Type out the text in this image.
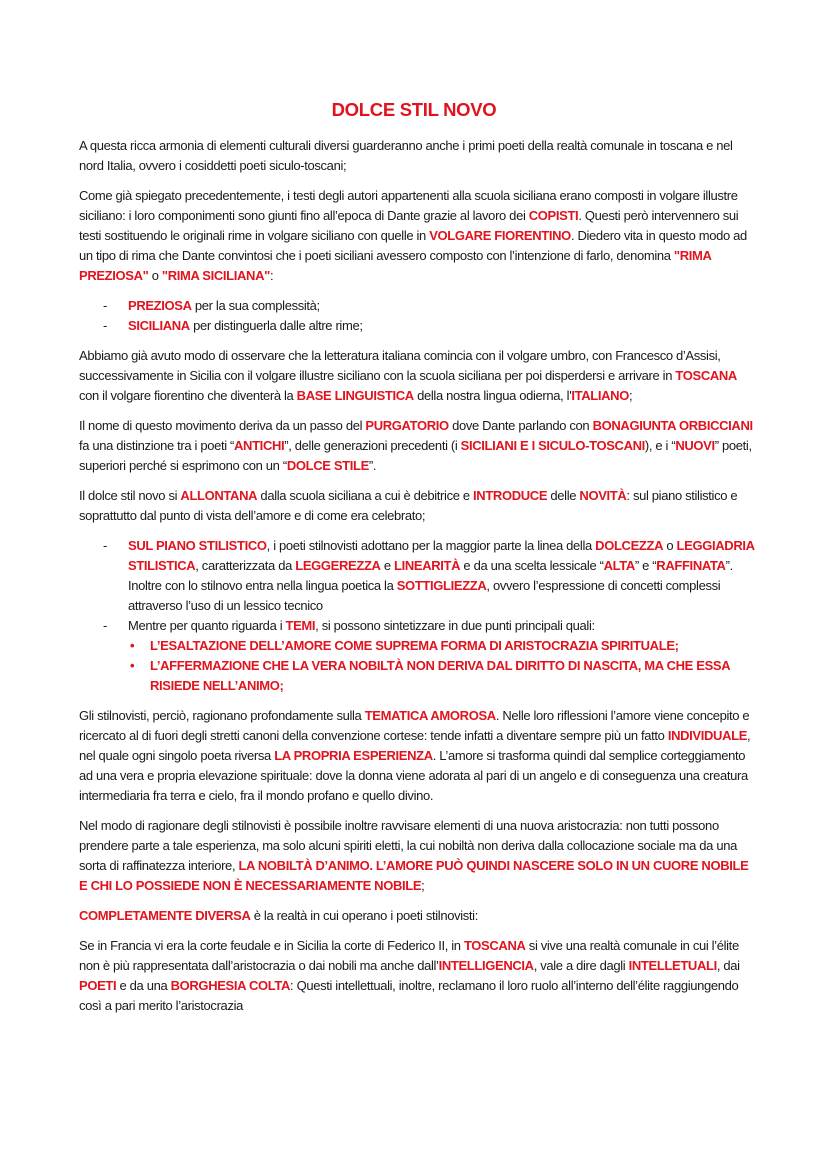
DOLCE STIL NOVO

A questa ricca armonia di elementi culturali diversi guarderanno anche i primi poeti della realtà comunale in toscana e nel nord Italia, ovvero i cosiddetti poeti siculo-toscani;

Come già spiegato precedentemente, i testi degli autori appartenenti alla scuola siciliana erano composti in volgare illustre siciliano: i loro componimenti sono giunti fino all’epoca di Dante grazie al lavoro dei COPISTI. Questi però intervennero sui testi sostituendo le originali rime in volgare siciliano con quelle in VOLGARE FIORENTINO. Diedero vita in questo modo ad un tipo di rima che Dante convintosi che i poeti siciliani avessero composto con l’intenzione di farlo, denomina "RIMA PREZIOSA" o "RIMA SICILIANA":

- PREZIOSA per la sua complessità;
- SICILIANA per distinguerla dalle altre rime;

Abbiamo già avuto modo di osservare che la letteratura italiana comincia con il volgare umbro, con Francesco d’Assisi, successivamente in Sicilia con il volgare illustre siciliano con la scuola siciliana per poi disperdersi e arrivare in TOSCANA con il volgare fiorentino che diventerà la BASE LINGUISTICA della nostra lingua odierna, l'ITALIANO;

Il nome di questo movimento deriva da un passo del PURGATORIO dove Dante parlando con BONAGIUNTA ORBICCIANI fa una distinzione tra i poeti “ANTICHI”, delle generazioni precedenti (i SICILIANI E I SICULO-TOSCANI), e i “NUOVI” poeti, superiori perché si esprimono con un “DOLCE STILE”.

Il dolce stil novo si ALLONTANA dalla scuola siciliana a cui è debitrice e INTRODUCE delle NOVITÀ: sul piano stilistico e soprattutto dal punto di vista dell’amore e di come era celebrato;

- SUL PIANO STILISTICO, i poeti stilnovisti adottano per la maggior parte la linea della DOLCEZZA o LEGGIADRIA STILISTICA, caratterizzata da LEGGEREZZA e LINEARITÀ e da una scelta lessicale “ALTA” e “RAFFINATA”. Inoltre con lo stilnovo entra nella lingua poetica la SOTTIGLIEZZA, ovvero l’espressione di concetti complessi attraverso l’uso di un lessico tecnico
- Mentre per quanto riguarda i TEMI, si possono sintetizzare in due punti principali quali:
• L’ESALTAZIONE DELL’AMORE COME SUPREMA FORMA DI ARISTOCRAZIA SPIRITUALE;
• L’AFFERMAZIONE CHE LA VERA NOBILTÀ NON DERIVA DAL DIRITTO DI NASCITA, MA CHE ESSA RISIEDE NELL’ANIMO;

Gli stilnovisti, perciò, ragionano profondamente sulla TEMATICA AMOROSA. Nelle loro riflessioni l’amore viene concepito e ricercato al di fuori degli stretti canoni della convenzione cortese: tende infatti a diventare sempre più un fatto INDIVIDUALE, nel quale ogni singolo poeta riversa LA PROPRIA ESPERIENZA. L’amore si trasforma quindi dal semplice corteggiamento ad una vera e propria elevazione spirituale: dove la donna viene adorata al pari di un angelo e di conseguenza una creatura intermediaria fra terra e cielo, fra il mondo profano e quello divino.

Nel modo di ragionare degli stilnovisti è possibile inoltre ravvisare elementi di una nuova aristocrazia: non tutti possono prendere parte a tale esperienza, ma solo alcuni spiriti eletti, la cui nobiltà non deriva dalla collocazione sociale ma da una sorta di raffinatezza interiore, LA NOBILTÀ D’ANIMO. L’AMORE PUÒ QUINDI NASCERE SOLO IN UN CUORE NOBILE E CHI LO POSSIEDE NON È NECESSARIAMENTE NOBILE;

COMPLETAMENTE DIVERSA è la realtà in cui operano i poeti stilnovisti:

Se in Francia vi era la corte feudale e in Sicilia la corte di Federico II, in TOSCANA si vive una realtà comunale in cui l’élite non è più rappresentata dall’aristocrazia o dai nobili ma anche dall’INTELLIGENCIA, vale a dire dagli INTELLETUALI, dai POETI e da una BORGHESIA COLTA: Questi intellettuali, inoltre, reclamano il loro ruolo all’interno dell’élite raggiungendo così a pari merito l’aristocrazia
